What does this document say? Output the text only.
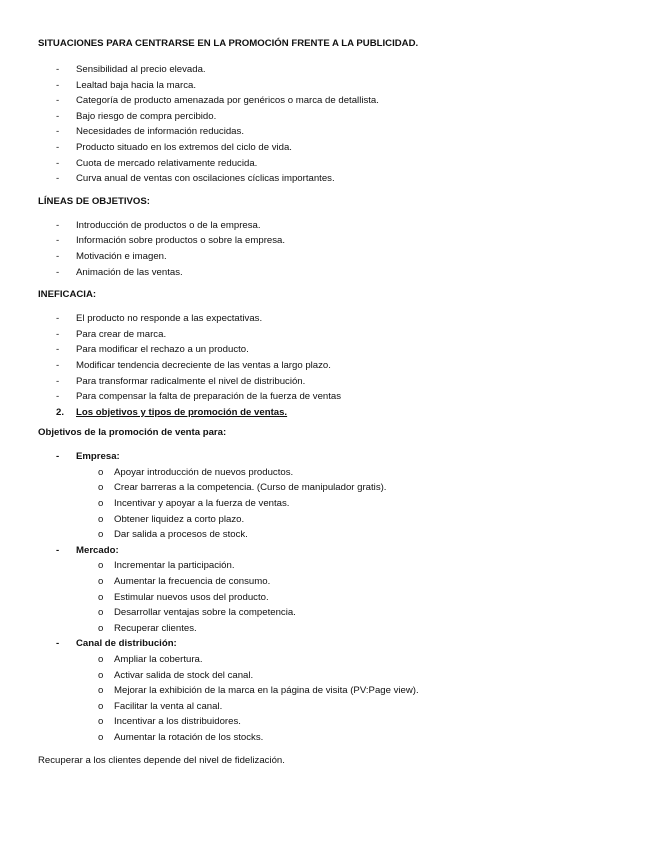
SITUACIONES PARA CENTRARSE EN LA PROMOCIÓN FRENTE A LA PUBLICIDAD.

- Sensibilidad al precio elevada.
- Lealtad baja hacia la marca.
- Categoría de producto amenazada por genéricos o marca de detallista.
- Bajo riesgo de compra percibido.
- Necesidades de información reducidas.
- Producto situado en los extremos del ciclo de vida.
- Cuota de mercado relativamente reducida.
- Curva anual de ventas con oscilaciones cíclicas importantes.

LÍNEAS DE OBJETIVOS:

- Introducción de productos o de la empresa.
- Información sobre productos o sobre la empresa.
- Motivación e imagen.
- Animación de las ventas.

INEFICACIA:

- El producto no responde a las expectativas.
- Para crear de marca.
- Para modificar el rechazo a un producto.
- Modificar tendencia decreciente de las ventas a largo plazo.
- Para transformar radicalmente el nivel de distribución.
- Para compensar la falta de preparación de la fuerza de ventas
2. Los objetivos y tipos de promoción de ventas.

Objetivos de la promoción de venta para:

- Empresa:
o Apoyar introducción de nuevos productos.
o Crear barreras a la competencia. (Curso de manipulador gratis).
o Incentivar y apoyar a la fuerza de ventas.
o Obtener liquidez a corto plazo.
o Dar salida a procesos de stock.
- Mercado:
o Incrementar la participación.
o Aumentar la frecuencia de consumo.
o Estimular nuevos usos del producto.
o Desarrollar ventajas sobre la competencia.
o Recuperar clientes.
- Canal de distribución:
o Ampliar la cobertura.
o Activar salida de stock del canal.
o Mejorar la exhibición de la marca en la página de visita (PV:Page view).
o Facilitar la venta al canal.
o Incentivar a los distribuidores.
o Aumentar la rotación de los stocks.

Recuperar a los clientes depende del nivel de fidelización.
